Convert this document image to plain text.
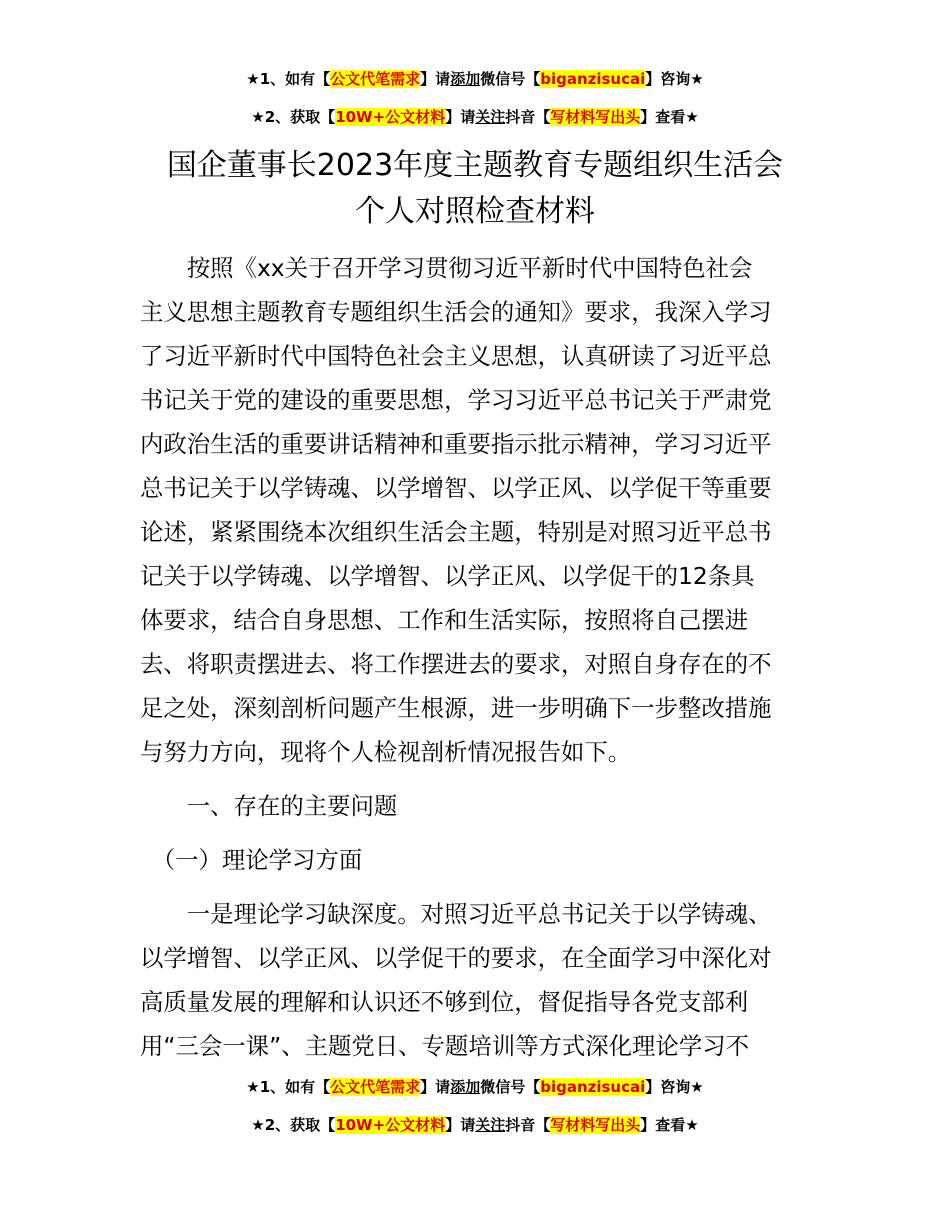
★1、如有【公文代笔需求】请添加微信号【biganzisucai】咨询★
★2、获取【10W+公文材料】请关注抖音【写材料写出头】查看★
国企董事长2023年度主题教育专题组织生活会
个人对照检查材料
　　按照《xx关于召开学习贯彻习近平新时代中国特色社会
主义思想主题教育专题组织生活会的通知》要求，我深入学习
了习近平新时代中国特色社会主义思想，认真研读了习近平总
书记关于党的建设的重要思想，学习习近平总书记关于严肃党
内政治生活的重要讲话精神和重要指示批示精神，学习习近平
总书记关于以学铸魂、以学增智、以学正风、以学促干等重要
论述，紧紧围绕本次组织生活会主题，特别是对照习近平总书
记关于以学铸魂、以学增智、以学正风、以学促干的12条具
体要求，结合自身思想、工作和生活实际，按照将自己摆进
去、将职责摆进去、将工作摆进去的要求，对照自身存在的不
足之处，深刻剖析问题产生根源，进一步明确下一步整改措施
与努力方向，现将个人检视剖析情况报告如下。
　　一、存在的主要问题
　（一）理论学习方面
　　一是理论学习缺深度。对照习近平总书记关于以学铸魂、
以学增智、以学正风、以学促干的要求，在全面学习中深化对
高质量发展的理解和认识还不够到位，督促指导各党支部利
用“三会一课”、主题党日、专题培训等方式深化理论学习不
★1、如有【公文代笔需求】请添加微信号【biganzisucai】咨询★
★2、获取【10W+公文材料】请关注抖音【写材料写出头】查看★
